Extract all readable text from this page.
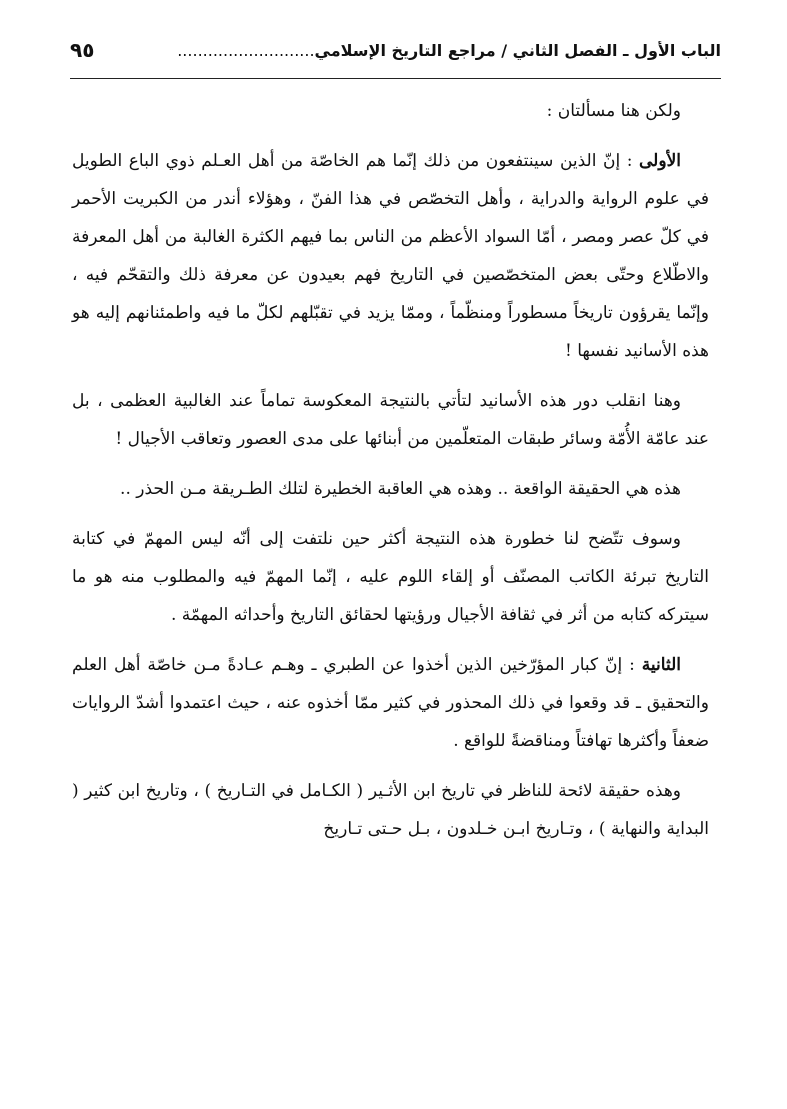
الباب الأول ـ الفصل الثاني / مراجع التاريخ الإسلامي...........................
٩٥

ولكن هنا مسألتان :

الأولى : إنّ الذين سينتفعون من ذلك إنّما هم الخاصّة من أهل العـلم ذوي الباع الطويل في علوم الرواية والدراية ، وأهل التخصّص في هذا الفنّ ، وهؤلاء أندر من الكبريت الأحمر في كلّ عصر ومصر ، أمّا السواد الأعظم من الناس بما فيهم الكثرة الغالبة من أهل المعرفة والاطّلاع وحتّى بعض المتخصّصين في التاريخ فهم بعيدون عن معرفة ذلك والتقحّم فيه ، وإنّما يقرؤون تاريخاً مسطوراً ومنظّماً ، وممّا يزيد في تقبّلهم لكلّ ما فيه واطمئنانهم إليه هو هذه الأسانيد نفسها !

وهنا انقلب دور هذه الأسانيد لتأتي بالنتيجة المعكوسة تماماً عند الغالبية العظمى ، بل عند عامّة الأُمّة وسائر طبقات المتعلّمين من أبنائها على مدى العصور وتعاقب الأجيال !

هذه هي الحقيقة الواقعة .. وهذه هي العاقبة الخطيرة لتلك الطـريقة مـن الحذر ..

وسوف تتّضح لنا خطورة هذه النتيجة أكثر حين نلتفت إلى أنّه ليس المهمّ في كتابة التاريخ تبرئة الكاتب المصنّف أو إلقاء اللوم عليه ، إنّما المهمّ فيه والمطلوب منه هو ما سيتركه كتابه من أثر في ثقافة الأجيال ورؤيتها لحقائق التاريخ وأحداثه المهمّة .

الثانية : إنّ كبار المؤرّخين الذين أخذوا عن الطبري ـ وهـم عـادةً مـن خاصّة أهل العلم والتحقيق ـ قد وقعوا في ذلك المحذور في كثير ممّا أخذوه عنه ، حيث اعتمدوا أشدّ الروايات ضعفاً وأكثرها تهافتاً ومناقضةً للواقع .

وهذه حقيقة لائحة للناظر في تاريخ ابن الأثـير ( الكـامل في التـاريخ ) ، وتاريخ ابن كثير ( البداية والنهاية ) ، وتـاريخ ابـن خـلدون ، بـل حـتى تـاريخ
